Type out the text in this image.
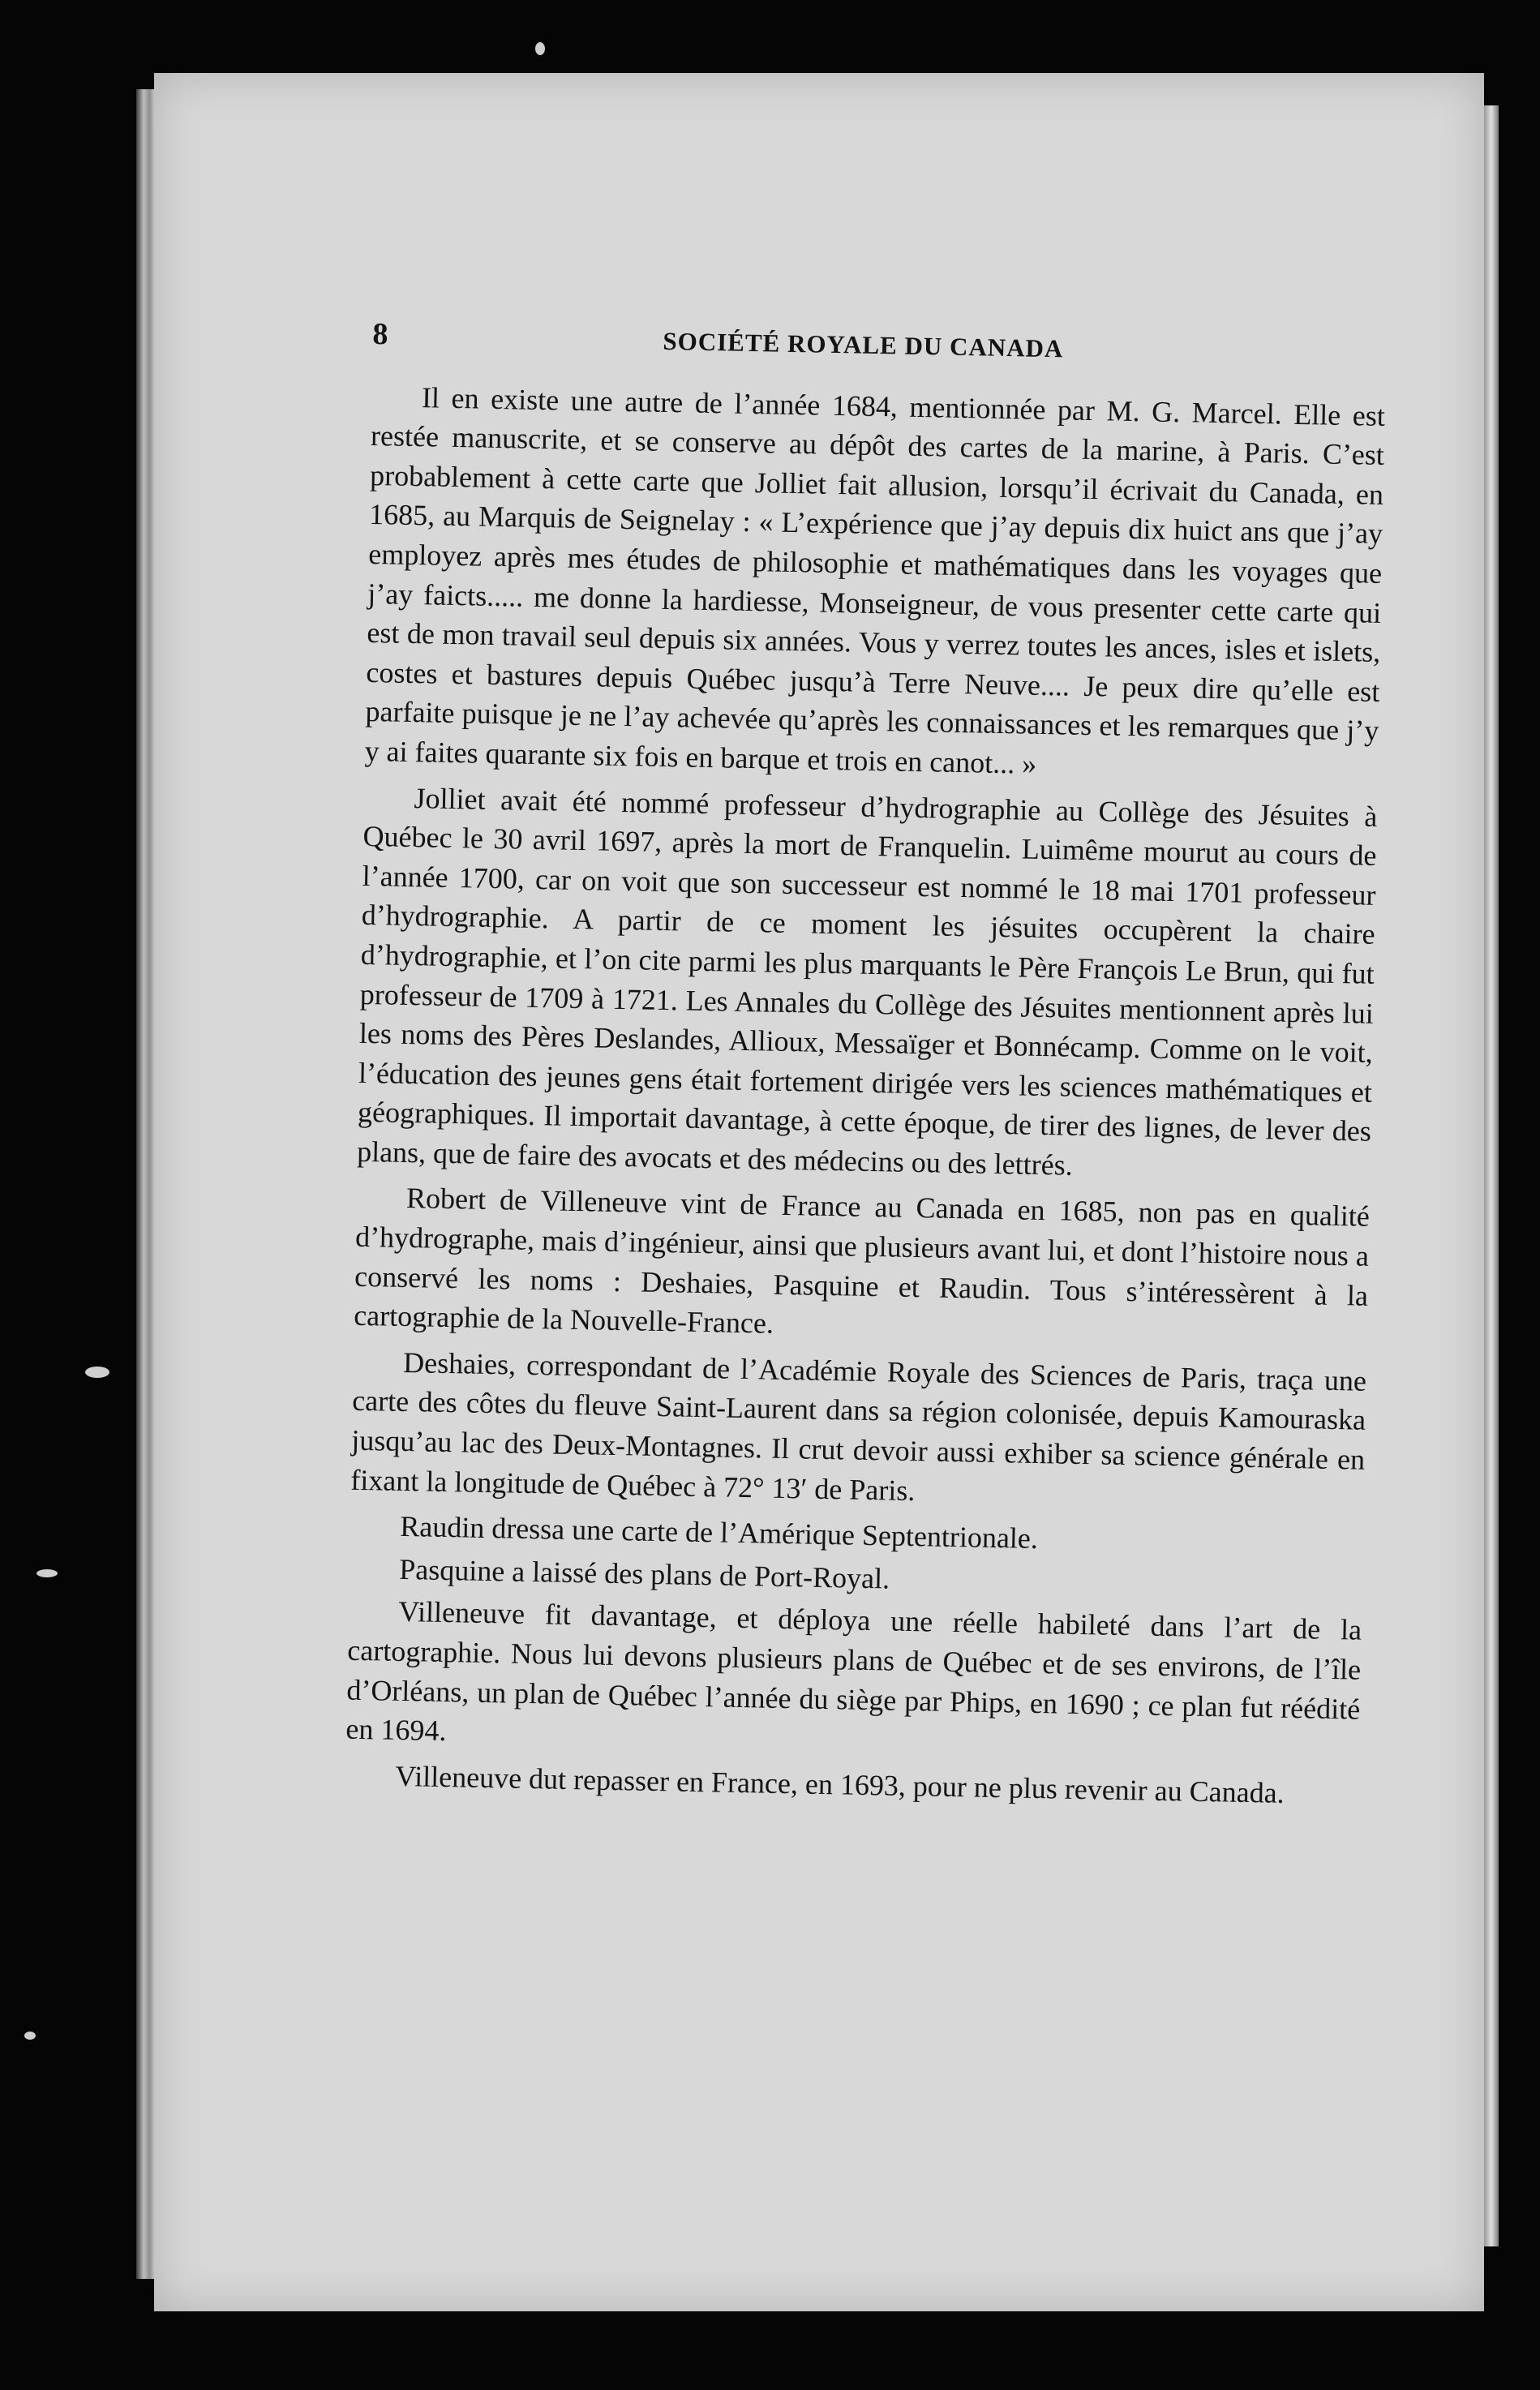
8	SOCIÉTÉ ROYALE DU CANADA

Il en existe une autre de l’année 1684, mentionnée par M. G. Marcel. Elle est restée manuscrite, et se conserve au dépôt des cartes de la marine, à Paris. C’est probablement à cette carte que Jolliet fait allusion, lorsqu’il écrivait du Canada, en 1685, au Marquis de Seignelay : « L’expérience que j’ay depuis dix huict ans que j’ay employez après mes études de philosophie et mathématiques dans les voyages que j’ay faicts..... me donne la hardiesse, Monseigneur, de vous presenter cette carte qui est de mon travail seul depuis six années. Vous y verrez toutes les ances, isles et islets, costes et bastures depuis Québec jusqu’à Terre Neuve.... Je peux dire qu’elle est parfaite puisque je ne l’ay achevée qu’après les connaissances et les remarques que j’y y ai faites quarante six fois en barque et trois en canot... »

Jolliet avait été nommé professeur d’hydrographie au Collège des Jésuites à Québec le 30 avril 1697, après la mort de Franquelin. Luimême mourut au cours de l’année 1700, car on voit que son successeur est nommé le 18 mai 1701 professeur d’hydrographie. A partir de ce moment les jésuites occupèrent la chaire d’hydrographie, et l’on cite parmi les plus marquants le Père François Le Brun, qui fut professeur de 1709 à 1721. Les Annales du Collège des Jésuites mentionnent après lui les noms des Pères Deslandes, Allioux, Messaïger et Bonnécamp. Comme on le voit, l’éducation des jeunes gens était fortement dirigée vers les sciences mathématiques et géographiques. Il importait davantage, à cette époque, de tirer des lignes, de lever des plans, que de faire des avocats et des médecins ou des lettrés.

Robert de Villeneuve vint de France au Canada en 1685, non pas en qualité d’hydrographe, mais d’ingénieur, ainsi que plusieurs avant lui, et dont l’histoire nous a conservé les noms : Deshaies, Pasquine et Raudin. Tous s’intéressèrent à la cartographie de la Nouvelle-France.

Deshaies, correspondant de l’Académie Royale des Sciences de Paris, traça une carte des côtes du fleuve Saint-Laurent dans sa région colonisée, depuis Kamouraska jusqu’au lac des Deux-Montagnes. Il crut devoir aussi exhiber sa science générale en fixant la longitude de Québec à 72° 13′ de Paris.

Raudin dressa une carte de l’Amérique Septentrionale.

Pasquine a laissé des plans de Port-Royal.

Villeneuve fit davantage, et déploya une réelle habileté dans l’art de la cartographie. Nous lui devons plusieurs plans de Québec et de ses environs, de l’île d’Orléans, un plan de Québec l’année du siège par Phips, en 1690 ; ce plan fut réédité en 1694.

Villeneuve dut repasser en France, en 1693, pour ne plus revenir au Canada.
